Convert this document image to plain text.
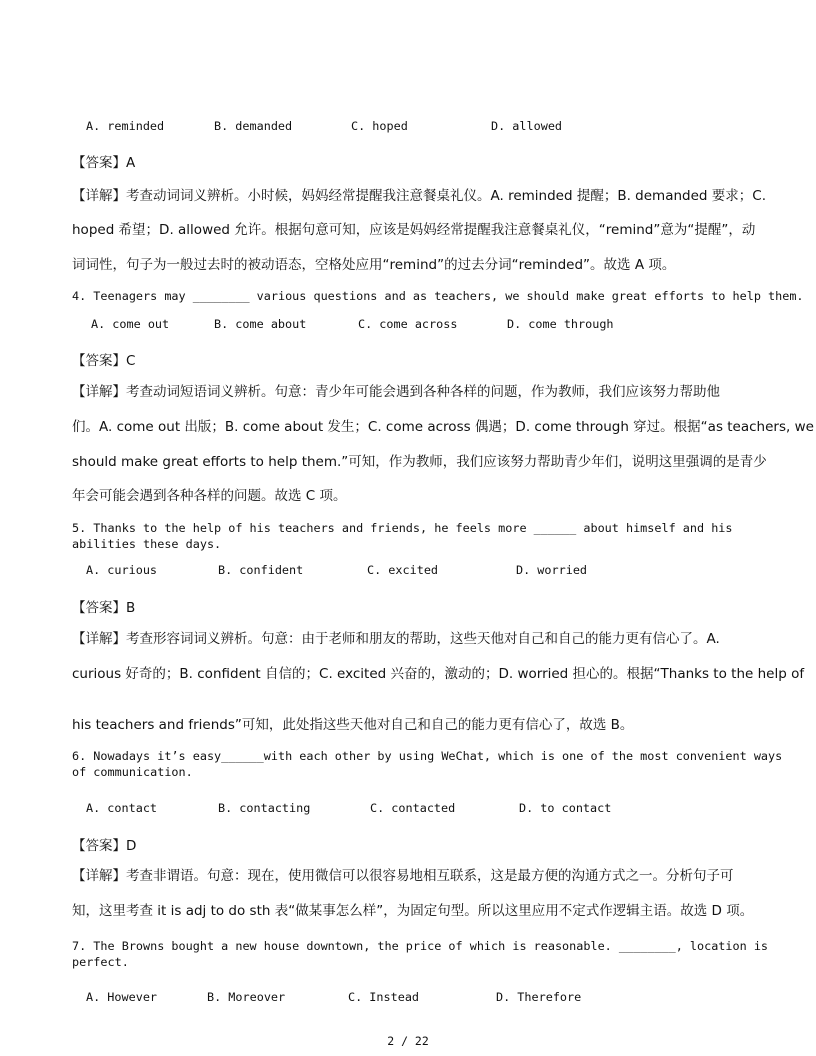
A. reminded	B. demanded	C. hoped	D. allowed
【答案】A
【详解】考查动词词义辨析。小时候，妈妈经常提醒我注意餐桌礼仪。A. reminded 提醒；B. demanded 要求；C.
hoped 希望；D. allowed 允许。根据句意可知，应该是妈妈经常提醒我注意餐桌礼仪，“remind”意为“提醒”，动
词词性，句子为一般过去时的被动语态，空格处应用“remind”的过去分词“reminded”。故选 A 项。
4. Teenagers may ________ various questions and as teachers, we should make great efforts to help them.
A. come out	B. come about	C. come across	D. come through
【答案】C
【详解】考查动词短语词义辨析。句意：青少年可能会遇到各种各样的问题，作为教师，我们应该努力帮助他
们。A. come out 出版；B. come about 发生；C. come across 偶遇；D. come through 穿过。根据“as teachers, we
should make great efforts to help them.”可知，作为教师，我们应该努力帮助青少年们，说明这里强调的是青少
年会可能会遇到各种各样的问题。故选 C 项。
5. Thanks to the help of his teachers and friends, he feels more ______ about himself and his abilities these days.
A. curious	B. confident	C. excited	D. worried
【答案】B
【详解】考查形容词词义辨析。句意：由于老师和朋友的帮助，这些天他对自己和自己的能力更有信心了。A.
curious 好奇的；B. confident 自信的；C. excited 兴奋的，激动的；D. worried 担心的。根据“Thanks to the help of
his teachers and friends”可知，此处指这些天他对自己和自己的能力更有信心了，故选 B。
6. Nowadays it’s easy______with each other by using WeChat, which is one of the most convenient ways of communication.
A. contact	B. contacting	C. contacted	D. to contact
【答案】D
【详解】考查非谓语。句意：现在，使用微信可以很容易地相互联系，这是最方便的沟通方式之一。分析句子可
知，这里考查 it is adj to do sth 表“做某事怎么样”，为固定句型。所以这里应用不定式作逻辑主语。故选 D 项。
7. The Browns bought a new house downtown, the price of which is reasonable. ________, location is perfect.
A. However	B. Moreover	C. Instead	D. Therefore
2 / 22
